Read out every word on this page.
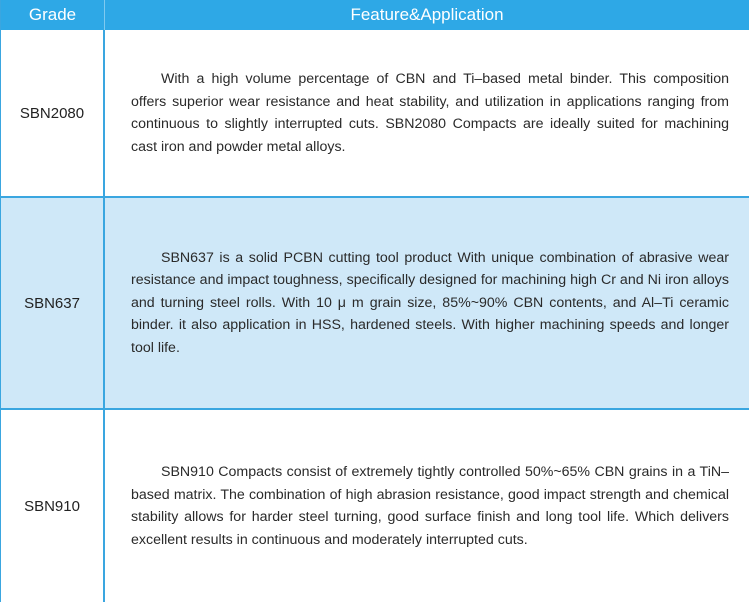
Grade	Feature&Application
SBN2080

With a high volume percentage of CBN and Ti–based metal binder. This composition offers superior wear resistance and heat stability, and utilization in applications ranging from continuous to slightly interrupted cuts. SBN2080 Compacts are ideally suited for machining cast iron and powder metal alloys.

SBN637

SBN637 is a solid PCBN cutting tool product With unique combination of abrasive wear resistance and impact toughness, specifically designed for machining high Cr and Ni iron alloys and turning steel rolls. With 10 μ m grain size, 85%~90% CBN contents, and Al–Ti ceramic binder. it also application in HSS, hardened steels. With higher machining speeds and longer tool life.

SBN910

SBN910 Compacts consist of extremely tightly controlled 50%~65% CBN grains in a TiN–based matrix. The combination of high abrasion resistance, good impact strength and chemical stability allows for harder steel turning, good surface finish and long tool life. Which delivers excellent results in continuous and moderately interrupted cuts.
